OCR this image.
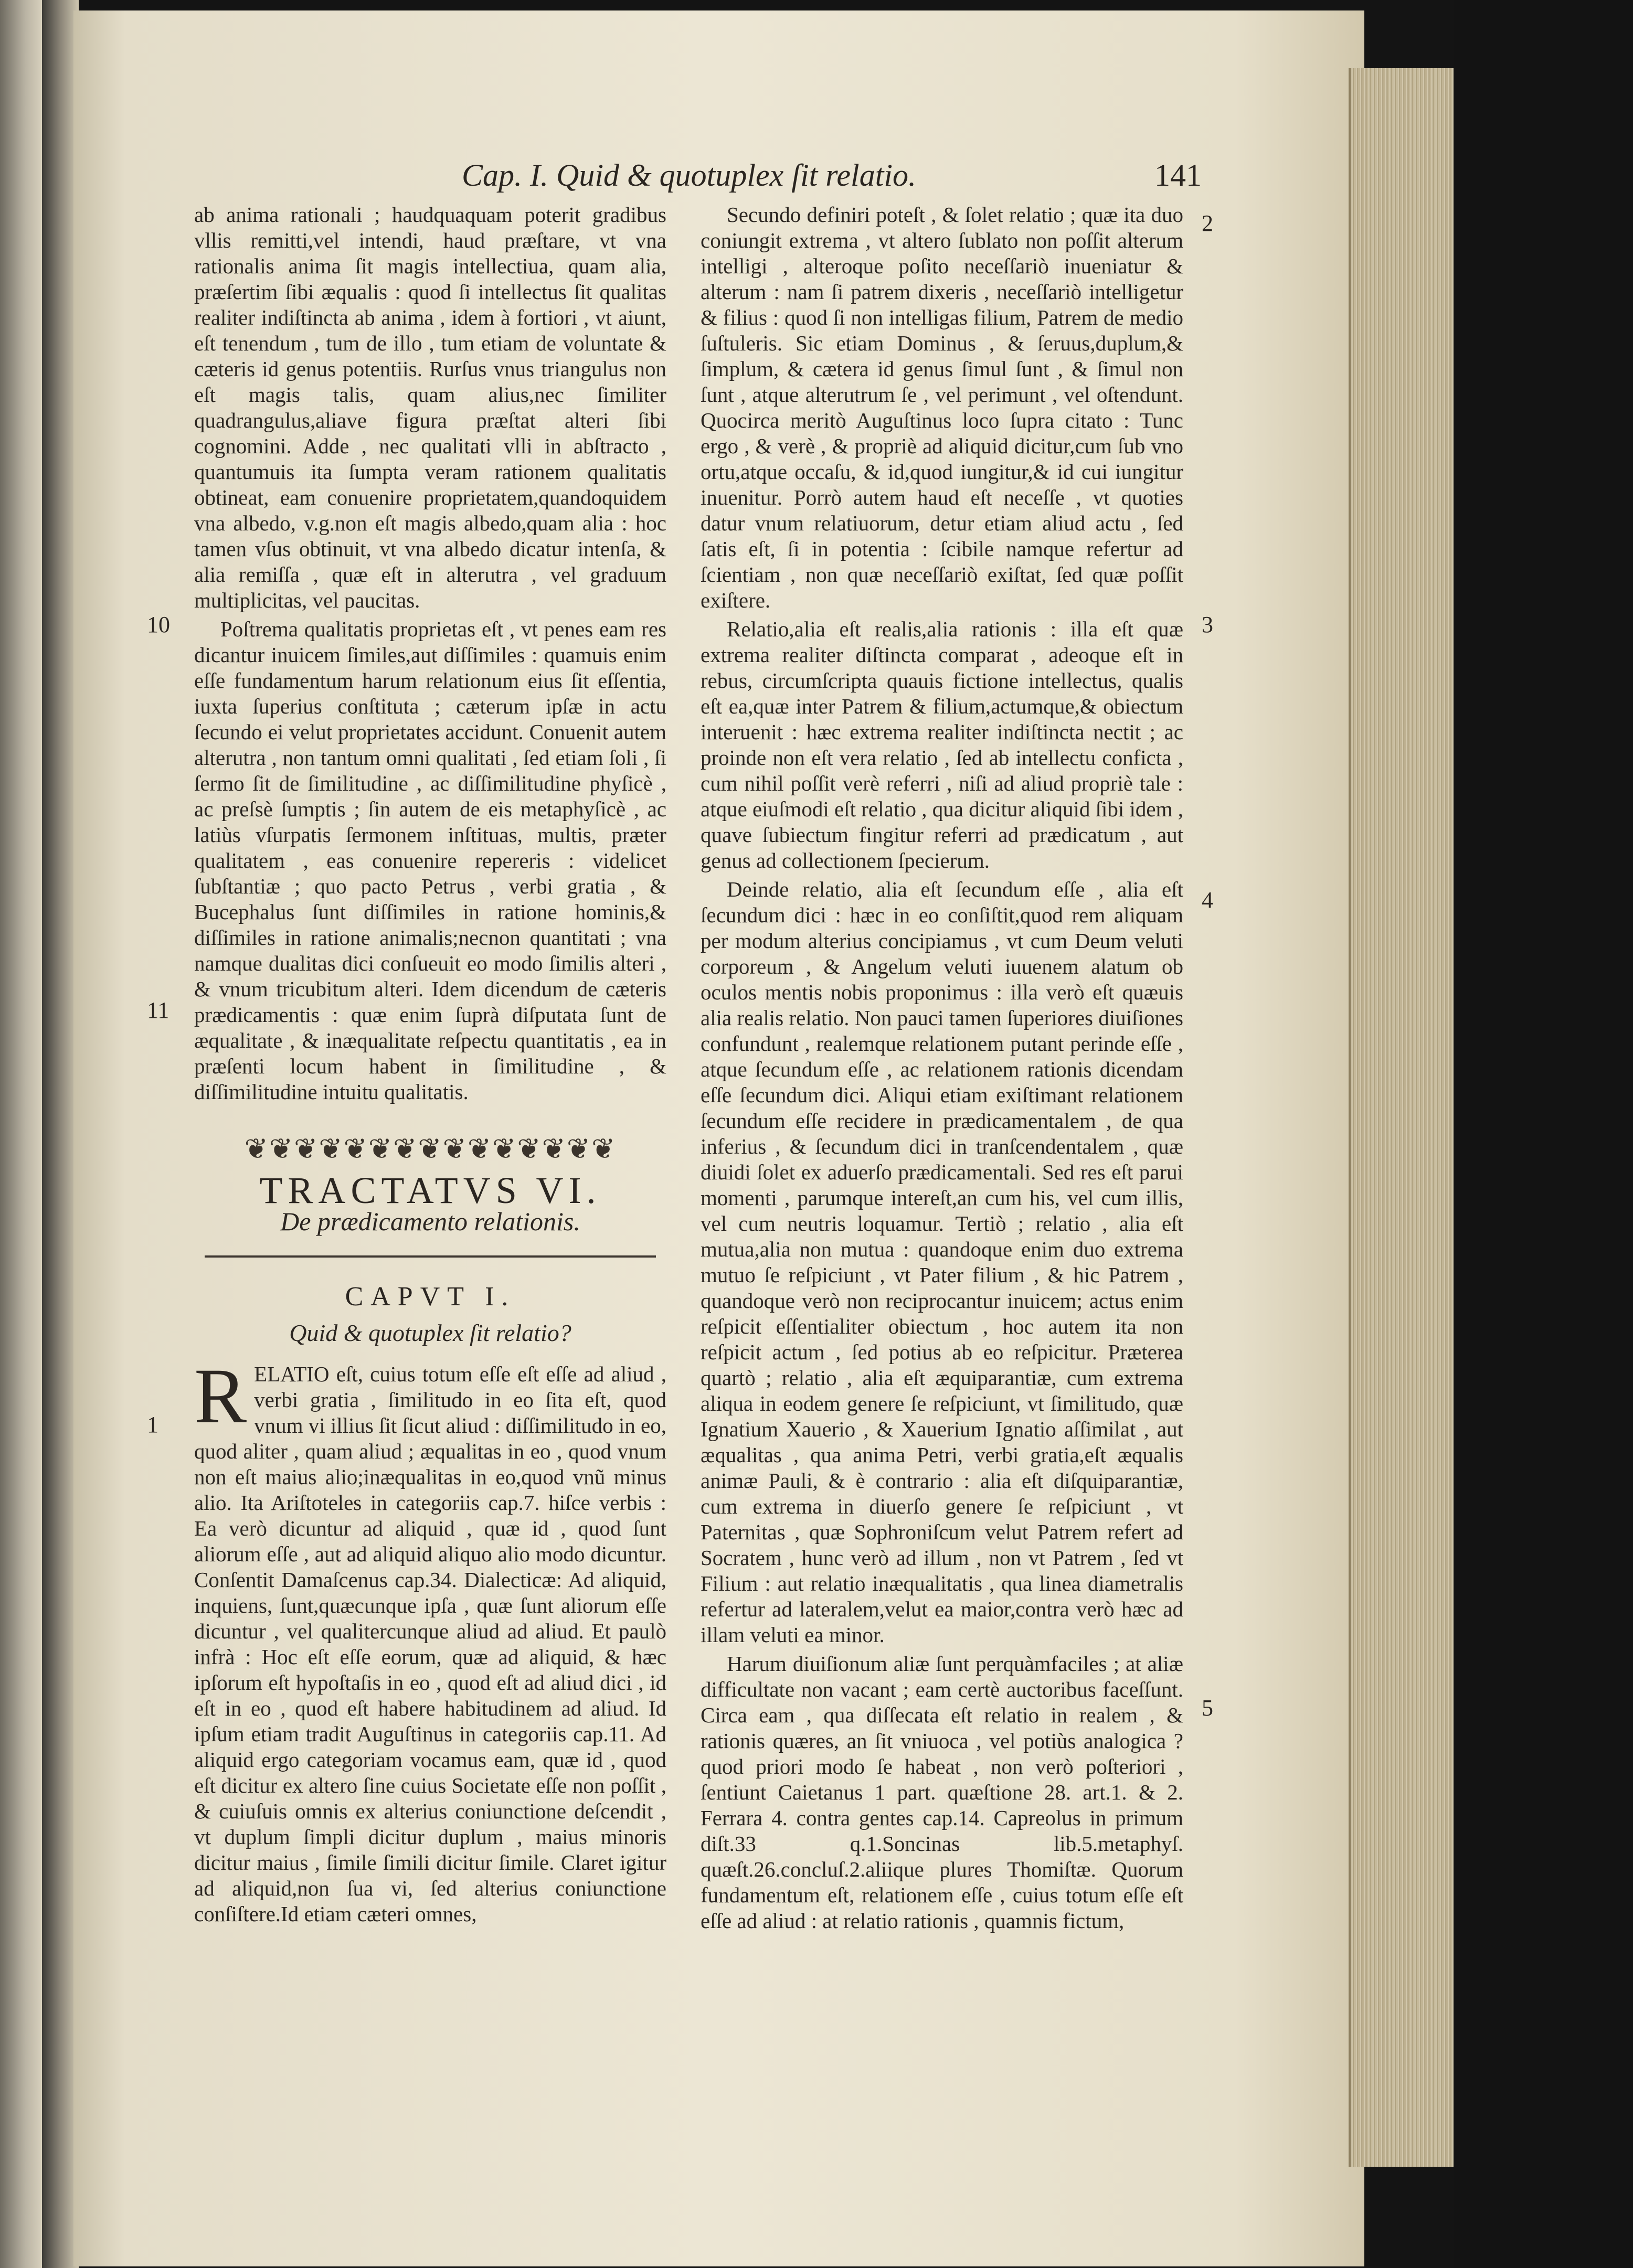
Cap. I. Quid & quotuplex ſit relatio.	141
10
11
1
2
3
4
5

ab anima rationali ; haudquaquam poterit gradibus vllis remitti,vel intendi, haud præſtare, vt vna rationalis anima ſit magis intellectiua, quam alia, præſertim ſibi æqualis : quod ſi intellectus ſit qualitas realiter indiſtincta ab anima , idem à fortiori , vt aiunt, eſt tenendum , tum de illo , tum etiam de voluntate & cæteris id genus potentiis. Rurſus vnus triangulus non eſt magis talis, quam alius,nec ſimiliter quadrangulus,aliave figura præſtat alteri ſibi cognomini. Adde , nec qualitati vlli in abſtracto , quantumuis ita ſumpta veram rationem qualitatis obtineat, eam conuenire proprietatem,quandoquidem vna albedo, v.g.non eſt magis albedo,quam alia : hoc tamen vſus obtinuit, vt vna albedo dicatur intenſa, & alia remiſſa , quæ eſt in alterutra , vel graduum multiplicitas, vel paucitas.

Poſtrema qualitatis proprietas eſt , vt penes eam res dicantur inuicem ſimiles,aut diſſimiles : quamuis enim eſſe fundamentum harum relationum eius ſit eſſentia, iuxta ſuperius conſtituta ; cæterum ipſæ in actu ſecundo ei velut proprietates accidunt. Conuenit autem alterutra , non tantum omni qualitati , ſed etiam ſoli , ſi ſermo ſit de ſimilitudine , ac diſſimilitudine phyſicè , ac preſsè ſumptis ; ſin autem de eis metaphyſicè , ac latiùs vſurpatis ſermonem inſtituas, multis, præter qualitatem , eas conuenire repereris : videlicet ſubſtantiæ ; quo pacto Petrus , verbi gratia , & Bucephalus ſunt diſſimiles in ratione hominis,& diſſimiles in ratione animalis;necnon quantitati ; vna namque dualitas dici conſueuit eo modo ſimilis alteri , & vnum tricubitum alteri. Idem dicendum de cæteris prædicamentis : quæ enim ſuprà diſputata ſunt de æqualitate , & inæqualitate reſpectu quantitatis , ea in præſenti locum habent in ſimilitudine , & diſſimilitudine intuitu qualitatis.

❦❦❦❦❦❦❦❦❦❦❦❦❦❦❦
TRACTATVS VI.
De prædicamento relationis.
CAPVT I.
Quid & quotuplex ſit relatio?

RELATIO eſt, cuius totum eſſe eſt eſſe ad aliud , verbi gratia , ſimilitudo in eo ſita eſt, quod vnum vi illius ſit ſicut aliud : diſſimilitudo in eo, quod aliter , quam aliud ; æqualitas in eo , quod vnum non eſt maius alio;inæqualitas in eo,quod vnũ minus alio. Ita Ariſtoteles in categoriis cap.7. hiſce verbis : Ea verò dicuntur ad aliquid , quæ id , quod ſunt aliorum eſſe , aut ad aliquid aliquo alio modo dicuntur. Conſentit Damaſcenus cap.34. Dialecticæ: Ad aliquid, inquiens, ſunt,quæcunque ipſa , quæ ſunt aliorum eſſe dicuntur , vel qualitercunque aliud ad aliud. Et paulò infrà : Hoc eſt eſſe eorum, quæ ad aliquid, & hæc ipſorum eſt hypoſtaſis in eo , quod eſt ad aliud dici , id eſt in eo , quod eſt habere habitudinem ad aliud. Id ipſum etiam tradit Auguſtinus in categoriis cap.11. Ad aliquid ergo categoriam vocamus eam, quæ id , quod eſt dicitur ex altero ſine cuius Societate eſſe non poſſit , & cuiuſuis omnis ex alterius coniunctione deſcendit , vt duplum ſimpli dicitur duplum , maius minoris dicitur maius , ſimile ſimili dicitur ſimile. Claret igitur ad aliquid,non ſua vi, ſed alterius coniunctione conſiſtere.Id etiam cæteri omnes,

Secundo definiri poteſt , & ſolet relatio ; quæ ita duo coniungit extrema , vt altero ſublato non poſſit alterum intelligi , alteroque poſito neceſſariò inueniatur & alterum : nam ſi patrem dixeris , neceſſariò intelligetur & filius : quod ſi non intelligas filium, Patrem de medio ſuſtuleris. Sic etiam Dominus , & ſeruus,duplum,& ſimplum, & cætera id genus ſimul ſunt , & ſimul non ſunt , atque alterutrum ſe , vel perimunt , vel oſtendunt. Quocirca meritò Auguſtinus loco ſupra citato : Tunc ergo , & verè , & propriè ad aliquid dicitur,cum ſub vno ortu,atque occaſu, & id,quod iungitur,& id cui iungitur inuenitur. Porrò autem haud eſt neceſſe , vt quoties datur vnum relatiuorum, detur etiam aliud actu , ſed ſatis eſt, ſi in potentia : ſcibile namque refertur ad ſcientiam , non quæ neceſſariò exiſtat, ſed quæ poſſit exiſtere.

Relatio,alia eſt realis,alia rationis : illa eſt quæ extrema realiter diſtincta comparat , adeoque eſt in rebus, circumſcripta quauis fictione intellectus, qualis eſt ea,quæ inter Patrem & filium,actumque,& obiectum interuenit : hæc extrema realiter indiſtincta nectit ; ac proinde non eſt vera relatio , ſed ab intellectu conficta , cum nihil poſſit verè referri , niſi ad aliud propriè tale : atque eiuſmodi eſt relatio , qua dicitur aliquid ſibi idem , quave ſubiectum fingitur referri ad prædicatum , aut genus ad collectionem ſpecierum.

Deinde relatio, alia eſt ſecundum eſſe , alia eſt ſecundum dici : hæc in eo conſiſtit,quod rem aliquam per modum alterius concipiamus , vt cum Deum veluti corporeum , & Angelum veluti iuuenem alatum ob oculos mentis nobis proponimus : illa verò eſt quæuis alia realis relatio. Non pauci tamen ſuperiores diuiſiones confundunt , realemque relationem putant perinde eſſe , atque ſecundum eſſe , ac relationem rationis dicendam eſſe ſecundum dici. Aliqui etiam exiſtimant relationem ſecundum eſſe recidere in prædicamentalem , de qua inferius , & ſecundum dici in tranſcendentalem , quæ diuidi ſolet ex aduerſo prædicamentali. Sed res eſt parui momenti , parumque intereſt,an cum his, vel cum illis, vel cum neutris loquamur. Tertiò ; relatio , alia eſt mutua,alia non mutua : quandoque enim duo extrema mutuo ſe reſpiciunt , vt Pater filium , & hic Patrem , quandoque verò non reciprocantur inuicem; actus enim reſpicit eſſentialiter obiectum , hoc autem ita non reſpicit actum , ſed potius ab eo reſpicitur. Præterea quartò ; relatio , alia eſt æquiparantiæ, cum extrema aliqua in eodem genere ſe reſpiciunt, vt ſimilitudo, quæ Ignatium Xauerio , & Xauerium Ignatio aſſimilat , aut æqualitas , qua anima Petri, verbi gratia,eſt æqualis animæ Pauli, & è contrario : alia eſt diſquiparantiæ, cum extrema in diuerſo genere ſe reſpiciunt , vt Paternitas , quæ Sophroniſcum velut Patrem refert ad Socratem , hunc verò ad illum , non vt Patrem , ſed vt Filium : aut relatio inæqualitatis , qua linea diametralis refertur ad lateralem,velut ea maior,contra verò hæc ad illam veluti ea minor.

Harum diuiſionum aliæ ſunt perquàmfaciles ; at aliæ difficultate non vacant ; eam certè auctoribus faceſſunt. Circa eam , qua diſſecata eſt relatio in realem , & rationis quæres, an ſit vniuoca , vel potiùs analogica ? quod priori modo ſe habeat , non verò poſteriori , ſentiunt Caietanus 1 part. quæſtione 28. art.1. & 2. Ferrara 4. contra gentes cap.14. Capreolus in primum diſt.33 q.1.Soncinas lib.5.metaphyſ. quæſt.26.concluſ.2.aliique plures Thomiſtæ. Quorum fundamentum eſt, relationem eſſe , cuius totum eſſe eſt eſſe ad aliud : at relatio rationis , quamnis fictum,
